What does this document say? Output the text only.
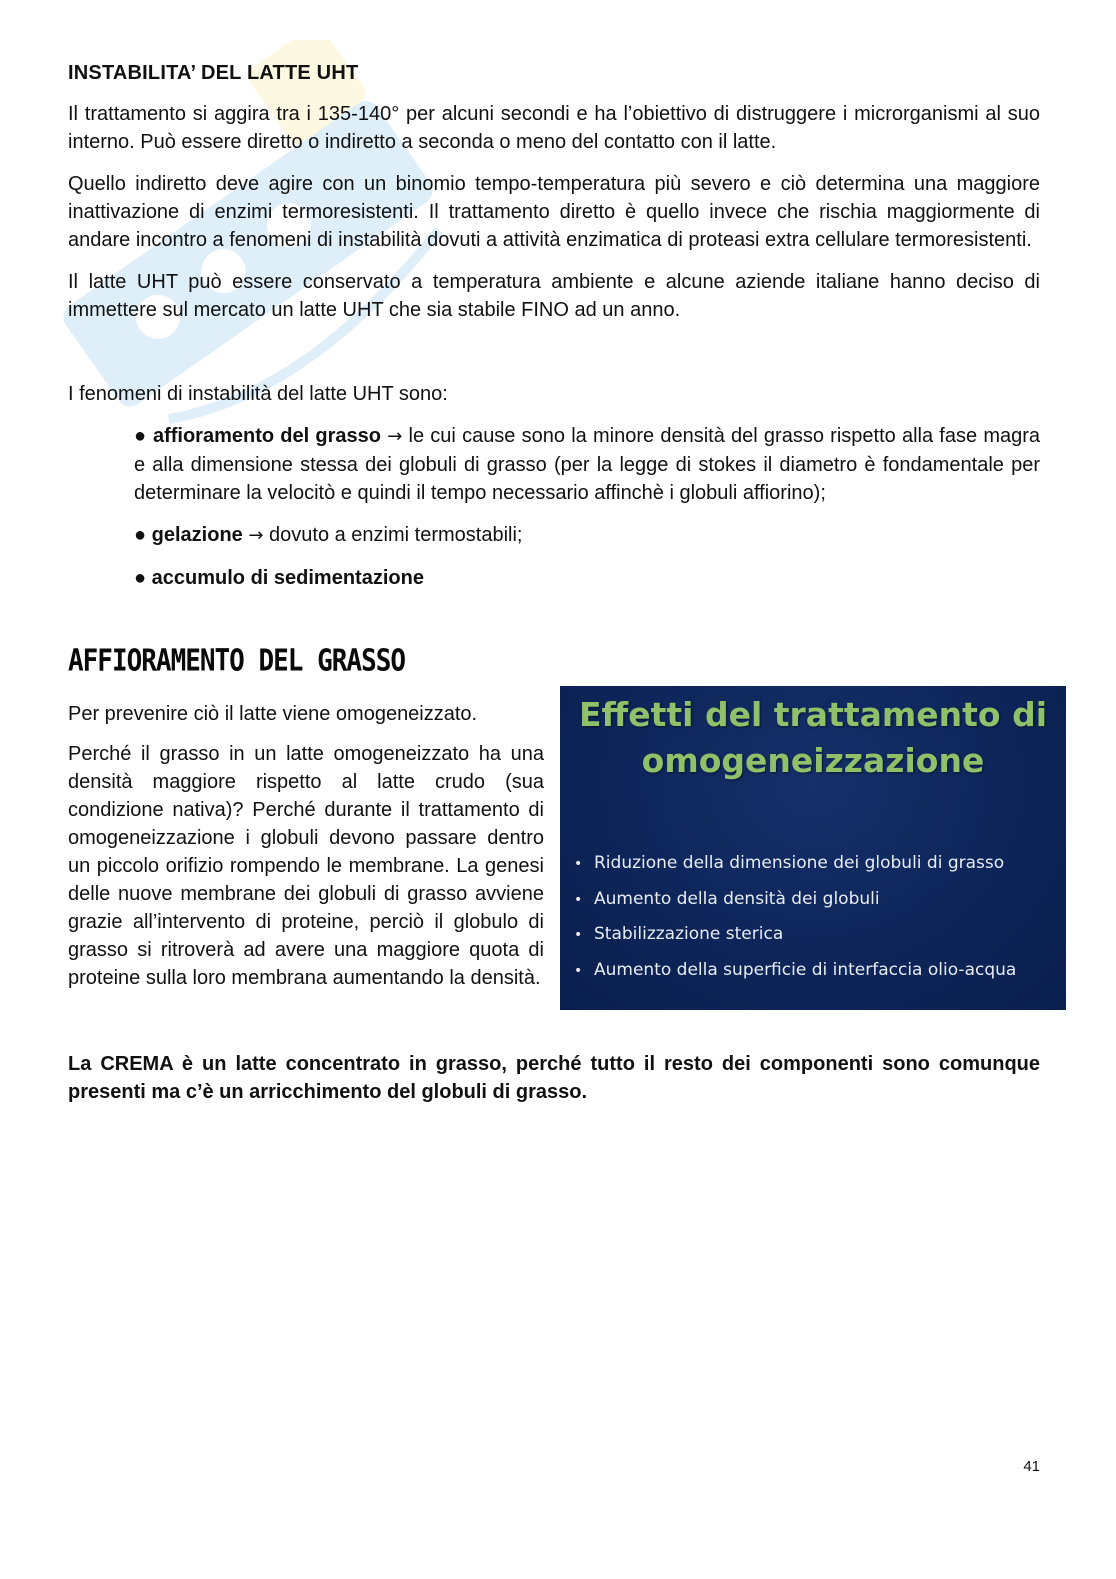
INSTABILITA’ DEL LATTE UHT

Il trattamento si aggira tra i 135-140° per alcuni secondi e ha l’obiettivo di distruggere i microrganismi al suo interno. Può essere diretto o indiretto a seconda o meno del contatto con il latte.

Quello indiretto deve agire con un binomio tempo-temperatura più severo e ciò determina una maggiore inattivazione di enzimi termoresistenti. Il trattamento diretto è quello invece che rischia maggiormente di andare incontro a fenomeni di instabilità dovuti a attività enzimatica di proteasi extra cellulare termoresistenti.

Il latte UHT può essere conservato a temperatura ambiente e alcune aziende italiane hanno deciso di immettere sul mercato un latte UHT che sia stabile FINO ad un anno.

I fenomeni di instabilità del latte UHT sono:

● affioramento del grasso → le cui cause sono la minore densità del grasso rispetto alla fase magra e alla dimensione stessa dei globuli di grasso (per la legge di stokes il diametro è fondamentale per determinare la velocitò e quindi il tempo necessario affinchè i globuli affiorino);
● gelazione → dovuto a enzimi termostabili;
● accumulo di sedimentazione
AFFIORAMENTO DEL GRASSO

Per prevenire ciò il latte viene omogeneizzato.

Perché il grasso in un latte omogeneizzato ha una densità maggiore rispetto al latte crudo (sua condizione nativa)? Perché durante il trattamento di omogeneizzazione i globuli devono passare dentro un piccolo orifizio rompendo le membrane. La genesi delle nuove membrane dei globuli di grasso avviene grazie all’intervento di proteine, perciò il globulo di grasso si ritroverà ad avere una maggiore quota di proteine sulla loro membrana aumentando la densità.

Effetti del trattamento di omogeneizzazione
• Riduzione della dimensione dei globuli di grasso
• Aumento della densità dei globuli
• Stabilizzazione sterica
• Aumento della superficie di interfaccia olio-acqua
La CREMA è un latte concentrato in grasso, perché tutto il resto dei componenti sono comunque presenti ma c’è un arricchimento del globuli di grasso.
41
